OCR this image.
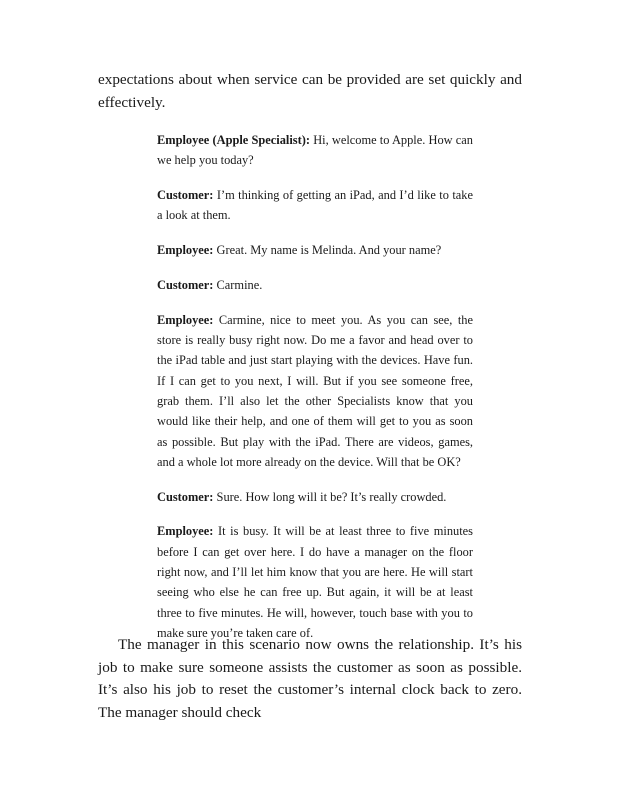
expectations about when service can be provided are set quickly and effectively.

Employee (Apple Specialist): Hi, welcome to Apple. How can we help you today?
Customer: I’m thinking of getting an iPad, and I’d like to take a look at them.
Employee: Great. My name is Melinda. And your name?
Customer: Carmine.
Employee: Carmine, nice to meet you. As you can see, the store is really busy right now. Do me a favor and head over to the iPad table and just start playing with the devices. Have fun. If I can get to you next, I will. But if you see someone free, grab them. I’ll also let the other Specialists know that you would like their help, and one of them will get to you as soon as possible. But play with the iPad. There are videos, games, and a whole lot more already on the device. Will that be OK?
Customer: Sure. How long will it be? It’s really crowded.
Employee: It is busy. It will be at least three to five minutes before I can get over here. I do have a manager on the floor right now, and I’ll let him know that you are here. He will start seeing who else he can free up. But again, it will be at least three to five minutes. He will, however, touch base with you to make sure you’re taken care of.

The manager in this scenario now owns the relationship. It’s his job to make sure someone assists the customer as soon as possible. It’s also his job to reset the customer’s internal clock back to zero. The manager should check
